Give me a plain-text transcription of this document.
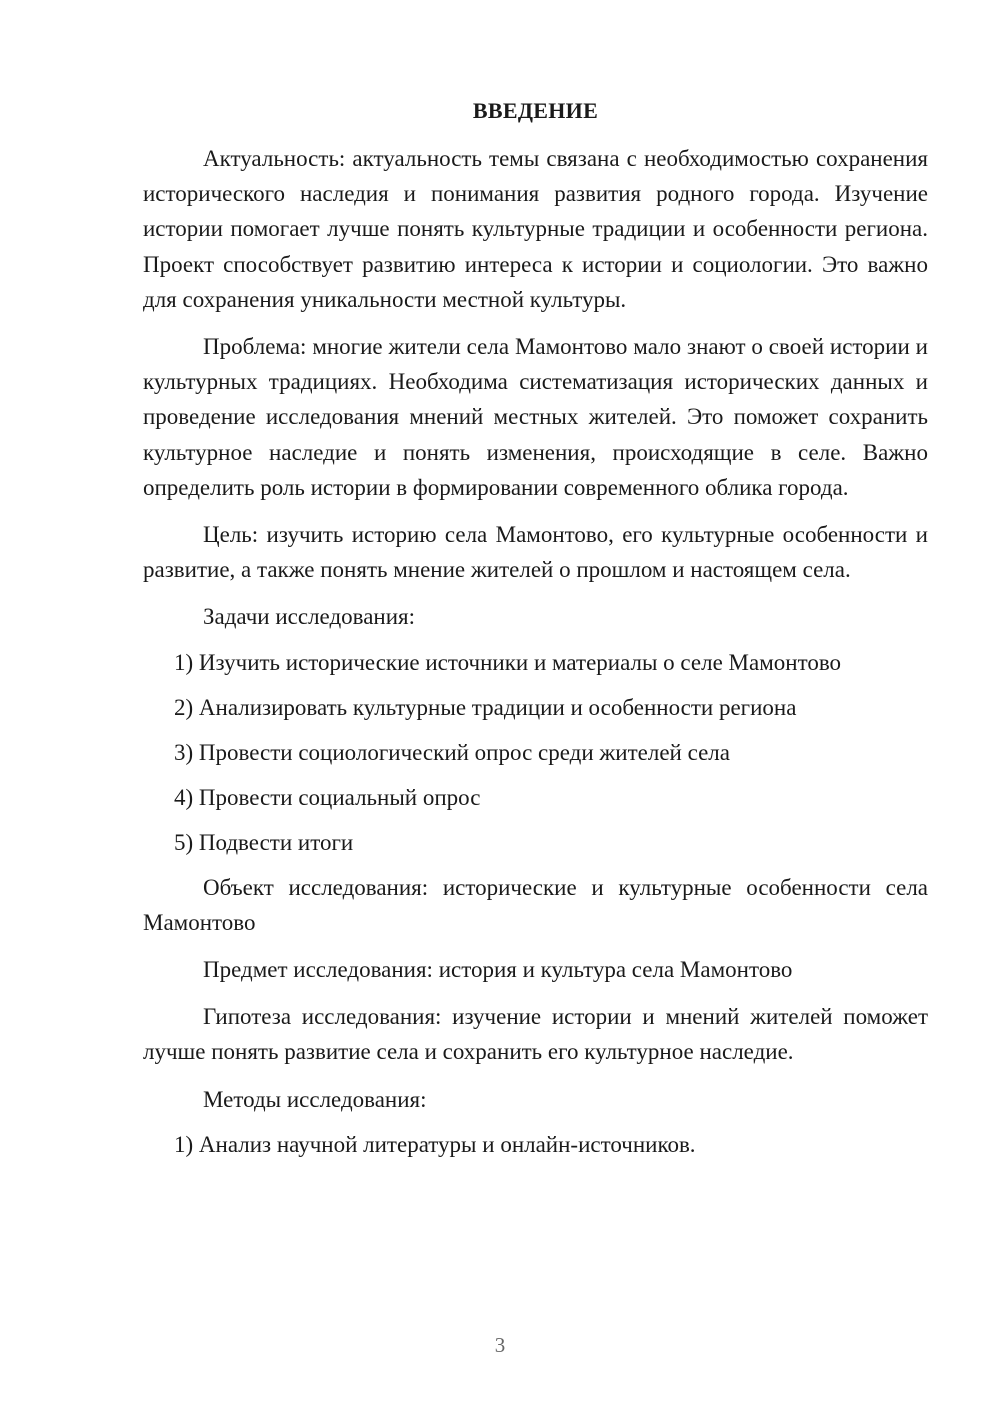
ВВЕДЕНИЕ

Актуальность: актуальность темы связана с необходимостью сохранения исторического наследия и понимания развития родного города. Изучение истории помогает лучше понять культурные традиции и особенности региона. Проект способствует развитию интереса к истории и социологии. Это важно для сохранения уникальности местной культуры.

Проблема: многие жители села Мамонтово мало знают о своей истории и культурных традициях. Необходима систематизация исторических данных и проведение исследования мнений местных жителей. Это поможет сохранить культурное наследие и понять изменения, происходящие в селе. Важно определить роль истории в формировании современного облика города.

Цель: изучить историю села Мамонтово, его культурные особенности и развитие, а также понять мнение жителей о прошлом и настоящем села.

Задачи исследования:

1) Изучить исторические источники и материалы о селе Мамонтово
2) Анализировать культурные традиции и особенности региона
3) Провести социологический опрос среди жителей села
4) Провести социальный опрос
5) Подвести итоги

Объект исследования: исторические и культурные особенности села Мамонтово

Предмет исследования: история и культура села Мамонтово

Гипотеза исследования: изучение истории и мнений жителей поможет лучше понять развитие села и сохранить его культурное наследие.

Методы исследования:

1) Анализ научной литературы и онлайн-источников.
3
